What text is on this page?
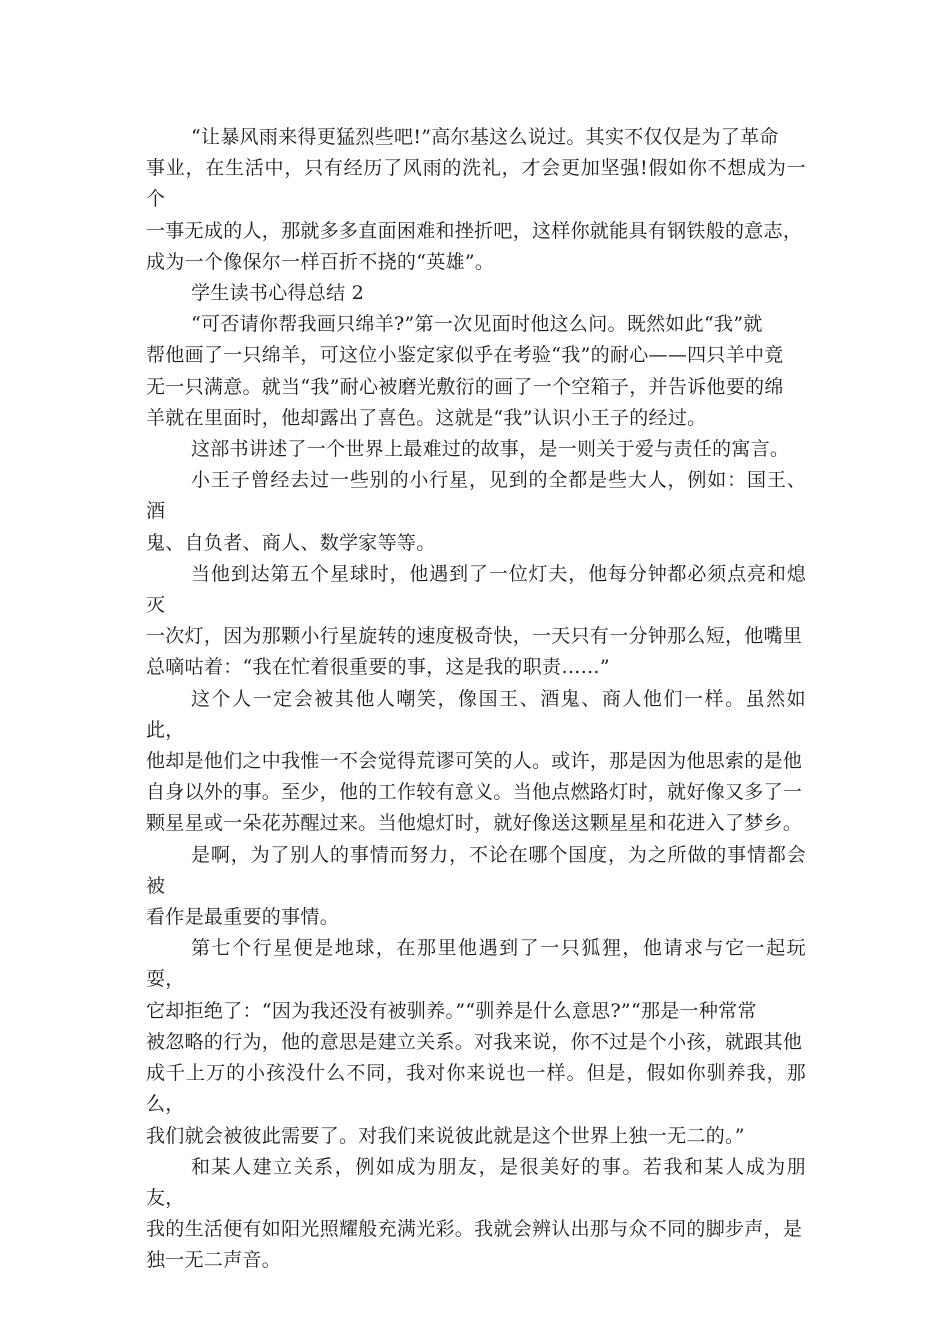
“让暴风雨来得更猛烈些吧!”高尔基这么说过。其实不仅仅是为了革命
事业，在生活中，只有经历了风雨的洗礼，才会更加坚强!假如你不想成为一个
一事无成的人，那就多多直面困难和挫折吧，这样你就能具有钢铁般的意志，
成为一个像保尔一样百折不挠的“英雄”。
学生读书心得总结 2
“可否请你帮我画只绵羊?”第一次见面时他这么问。既然如此“我”就
帮他画了一只绵羊，可这位小鉴定家似乎在考验“我”的耐心——四只羊中竟
无一只满意。就当“我”耐心被磨光敷衍的画了一个空箱子，并告诉他要的绵
羊就在里面时，他却露出了喜色。这就是“我”认识小王子的经过。
这部书讲述了一个世界上最难过的故事，是一则关于爱与责任的寓言。
小王子曾经去过一些别的小行星，见到的全都是些大人，例如：国王、酒
鬼、自负者、商人、数学家等等。
当他到达第五个星球时，他遇到了一位灯夫，他每分钟都必须点亮和熄灭
一次灯，因为那颗小行星旋转的速度极奇快，一天只有一分钟那么短，他嘴里
总嘀咕着：“我在忙着很重要的事，这是我的职责……”
这个人一定会被其他人嘲笑，像国王、酒鬼、商人他们一样。虽然如此，
他却是他们之中我惟一不会觉得荒谬可笑的人。或许，那是因为他思索的是他
自身以外的事。至少，他的工作较有意义。当他点燃路灯时，就好像又多了一
颗星星或一朵花苏醒过来。当他熄灯时，就好像送这颗星星和花进入了梦乡。
是啊，为了别人的事情而努力，不论在哪个国度，为之所做的事情都会被
看作是最重要的事情。
第七个行星便是地球，在那里他遇到了一只狐狸，他请求与它一起玩耍，
它却拒绝了：“因为我还没有被驯养。”“驯养是什么意思?”“那是一种常常
被忽略的行为，他的意思是建立关系。对我来说，你不过是个小孩，就跟其他
成千上万的小孩没什么不同，我对你来说也一样。但是，假如你驯养我，那么，
我们就会被彼此需要了。对我们来说彼此就是这个世界上独一无二的。”
和某人建立关系，例如成为朋友，是很美好的事。若我和某人成为朋友，
我的生活便有如阳光照耀般充满光彩。我就会辨认出那与众不同的脚步声，是
独一无二声音。
